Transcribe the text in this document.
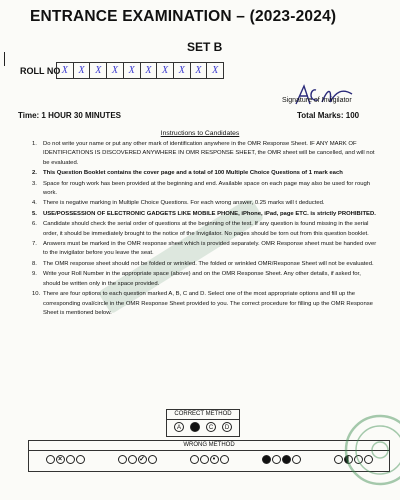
ENTRANCE EXAMINATION – (2023-2024)
SET B
ROLL NO X	X	X	X	X	X	X	X	X	X
Signature of Invigilator
Time: 1 HOUR 30 MINUTES	Total Marks: 100
Instructions to Candidates
1. Do not write your name or put any other mark of identification anywhere in the OMR Response Sheet. IF ANY MARK OF IDENTIFICATIONS IS DISCOVERED ANYWHERE IN OMR RESPONSE SHEET, the OMR sheet will be cancelled, and will not be evaluated.
2. This Question Booklet contains the cover page and a total of 100 Multiple Choice Questions of 1 mark each
3. Space for rough work has been provided at the beginning and end. Available space on each page may also be used for rough work.
4. There is negative marking in Multiple Choice Questions. For each wrong answer, 0.25 marks will t deducted.
5. USE/POSSESSION OF ELECTRONIC GADGETS LIKE MOBILE PHONE, iPhone, iPad, page ETC. is strictly PROHIBITED.
6. Candidate should check the serial order of questions at the beginning of the test. If any question is found missing in the serial order, it should be immediately brought to the notice of the Invigilator. No pages should be torn out from this question booklet.
7. Answers must be marked in the OMR response sheet which is provided separately. OMR Response sheet must be handed over to the invigilator before you leave the seat.
8. The OMR response sheet should not be folded or wrinkled. The folded or wrinkled OMR/Response Sheet will not be evaluated.
9. Write your Roll Number in the appropriate space (above) and on the OMR Response Sheet. Any other details, if asked for, should be written only in the space provided.
10. There are four options to each question marked A, B, C and D. Select one of the most appropriate options and fill up the corresponding oval/circle in the OMR Response Sheet provided to you. The correct procedure for filling up the OMR Response Sheet is mentioned below.
CORRECT METHOD
A	C	D
WRONG METHOD
×	✓	•
